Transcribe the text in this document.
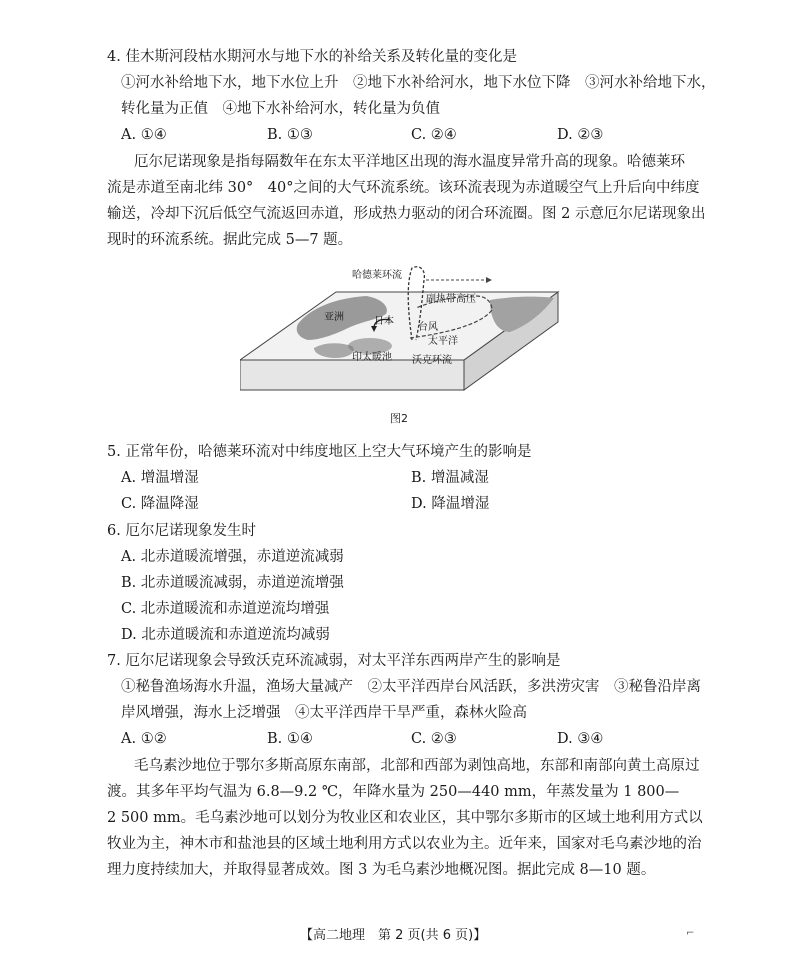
4. 佳木斯河段枯水期河水与地下水的补给关系及转化量的变化是
①河水补给地下水，地下水位上升　②地下水补给河水，地下水位下降　③河水补给地下水，
转化量为正值　④地下水补给河水，转化量为负值
A. ①④	B. ①③	C. ②④	D. ②③
厄尔尼诺现象是指每隔数年在东太平洋地区出现的海水温度异常升高的现象。哈德莱环
流是赤道至南北纬 30°　40°之间的大气环流系统。该环流表现为赤道暖空气上升后向中纬度
输送，冷却下沉后低空气流返回赤道，形成热力驱动的闭合环流圈。图 2 示意厄尔尼诺现象出
现时的环流系统。据此完成 5—7 题。
哈德莱环流
副热带高压
亚洲	日本
台风
太平洋
印太暖池 沃克环流
图2
5. 正常年份，哈德莱环流对中纬度地区上空大气环境产生的影响是
A. 增温增湿	B. 增温减湿
C. 降温降湿	D. 降温增湿
6. 厄尔尼诺现象发生时
A. 北赤道暖流增强，赤道逆流减弱
B. 北赤道暖流减弱，赤道逆流增强
C. 北赤道暖流和赤道逆流均增强
D. 北赤道暖流和赤道逆流均减弱
7. 厄尔尼诺现象会导致沃克环流减弱，对太平洋东西两岸产生的影响是
①秘鲁渔场海水升温，渔场大量减产　②太平洋西岸台风活跃，多洪涝灾害　③秘鲁沿岸离
岸风增强，海水上泛增强　④太平洋西岸干旱严重，森林火险高
A. ①②	B. ①④	C. ②③	D. ③④
毛乌素沙地位于鄂尔多斯高原东南部，北部和西部为剥蚀高地，东部和南部向黄土高原过
渡。其多年平均气温为 6.8—9.2 ℃，年降水量为 250—440 mm，年蒸发量为 1 800—
2 500 mm。毛乌素沙地可以划分为牧业区和农业区，其中鄂尔多斯市的区域土地利用方式以
牧业为主，神木市和盐池县的区域土地利用方式以农业为主。近年来，国家对毛乌素沙地的治
理力度持续加大，并取得显著成效。图 3 为毛乌素沙地概况图。据此完成 8—10 题。
【高二地理　第 2 页(共 6 页)】	⌐
